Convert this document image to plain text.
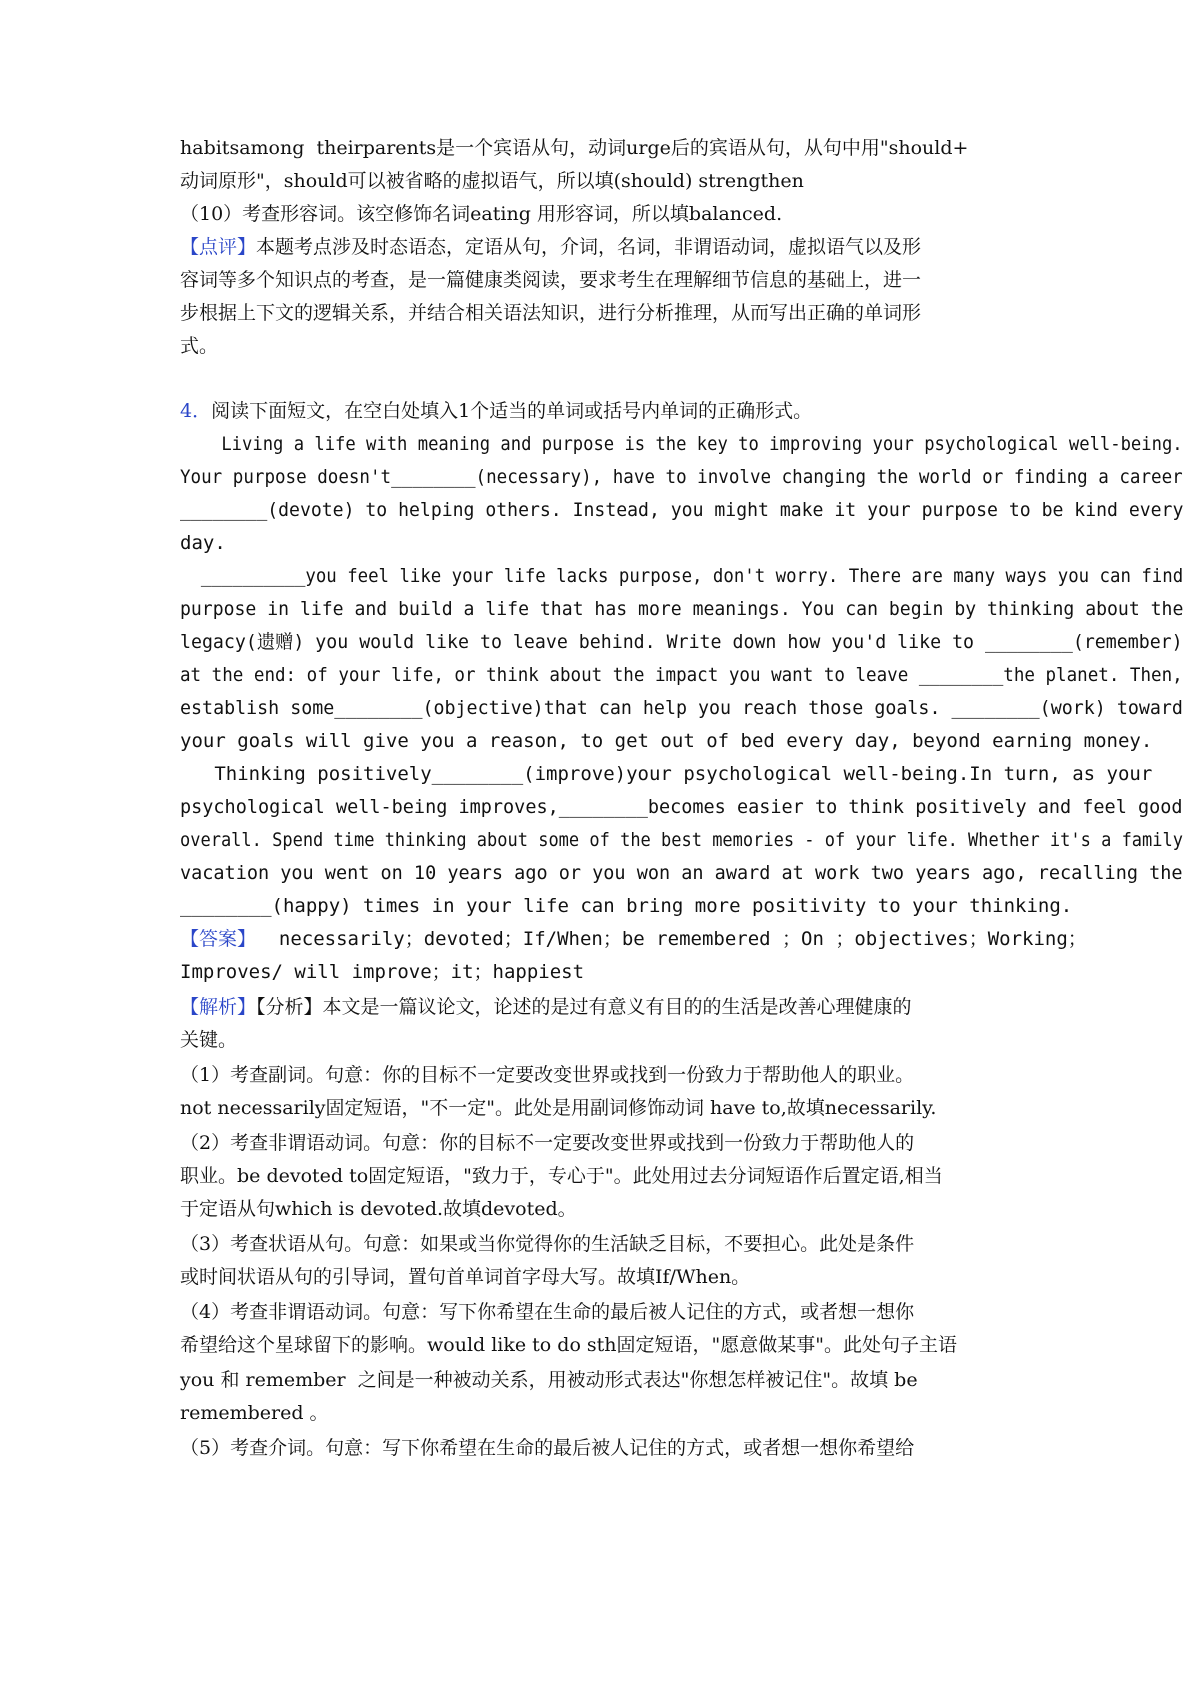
habitsamong  theirparents是一个宾语从句，动词urge后的宾语从句，从句中用"should+

动词原形"，should可以被省略的虚拟语气，所以填(should) strengthen

（10）考查形容词。该空修饰名词eating 用形容词，所以填balanced.

【点评】本题考点涉及时态语态，定语从句，介词，名词，非谓语动词，虚拟语气以及形

容词等多个知识点的考查，是一篇健康类阅读，要求考生在理解细节信息的基础上，进一

步根据上下文的逻辑关系，并结合相关语法知识，进行分析推理，从而写出正确的单词形

式。

4．阅读下面短文，在空白处填入1个适当的单词或括号内单词的正确形式。

Living a life with meaning and purpose is the key to improving your psychological well-being.

Your purpose doesn't________(necessary), have to involve changing the world or finding a career

________(devote) to helping others. Instead, you might make it your purpose to be kind every

day.

__________you feel like your life lacks purpose, don't worry. There are many ways you can find

purpose in life and build a life that has more meanings. You can begin by thinking about the

legacy(遗赠) you would like to leave behind. Write down how you'd like to ________(remember)

at the end: of your life, or think about the impact you want to leave ________the planet. Then,

establish some________(objective)that can help you reach those goals. ________(work) toward

your goals will give you a reason, to get out of bed every day, beyond earning money.

Thinking positively________(improve)your psychological well-being.In turn, as your

psychological well-being improves,________becomes easier to think positively and feel good

overall. Spend time thinking about some of the best memories - of your life. Whether it's a family

vacation you went on 10 years ago or you won an award at work two years ago, recalling the

________(happy) times in your life can bring more positivity to your thinking.

【答案】  necessarily；devoted；If/When；be remembered ；On ；objectives；Working；

Improves/ will improve；it；happiest

【解析】【分析】本文是一篇议论文，论述的是过有意义有目的的生活是改善心理健康的

关键。

（1）考查副词。句意：你的目标不一定要改变世界或找到一份致力于帮助他人的职业。

not necessarily固定短语，"不一定"。此处是用副词修饰动词 have to,故填necessarily.

（2）考查非谓语动词。句意：你的目标不一定要改变世界或找到一份致力于帮助他人的

职业。be devoted to固定短语，"致力于，专心于"。此处用过去分词短语作后置定语,相当

于定语从句which is devoted.故填devoted。

（3）考查状语从句。句意：如果或当你觉得你的生活缺乏目标，不要担心。此处是条件

或时间状语从句的引导词，置句首单词首字母大写。故填If/When。

（4）考查非谓语动词。句意：写下你希望在生命的最后被人记住的方式，或者想一想你

希望给这个星球留下的影响。would like to do sth固定短语，"愿意做某事"。此处句子主语

you 和 remember  之间是一种被动关系，用被动形式表达"你想怎样被记住"。故填 be

remembered 。

（5）考查介词。句意：写下你希望在生命的最后被人记住的方式，或者想一想你希望给
